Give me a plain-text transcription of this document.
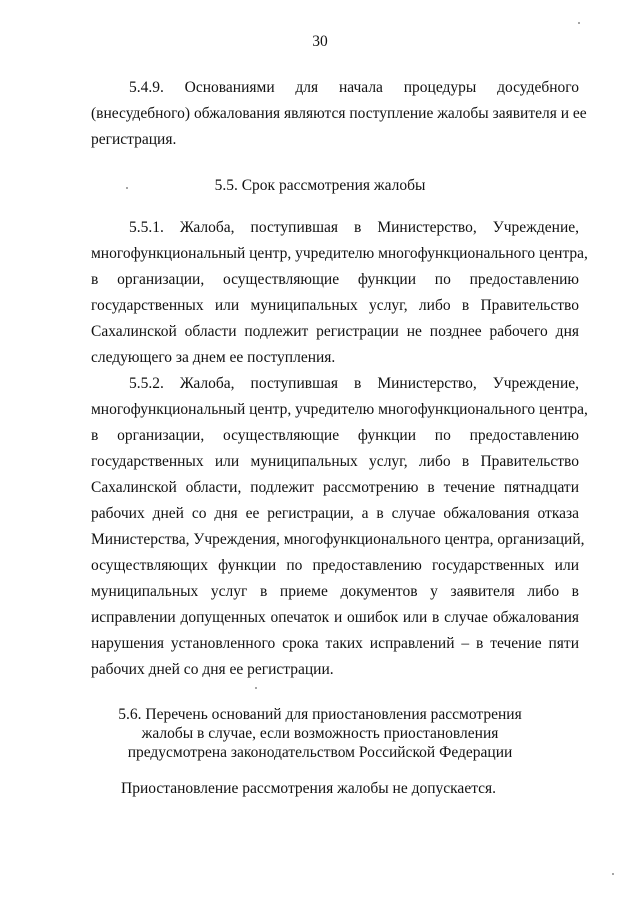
30
5.4.9. Основаниями для начала процедуры досудебного
(внесудебного) обжалования являются поступление жалобы заявителя и ее
регистрация.
5.5. Срок рассмотрения жалобы
5.5.1. Жалоба, поступившая в Министерство, Учреждение,
многофункциональный центр, учредителю многофункционального центра,
в организации, осуществляющие функции по предоставлению
государственных или муниципальных услуг, либо в Правительство
Сахалинской области подлежит регистрации не позднее рабочего дня
следующего за днем ее поступления.
5.5.2. Жалоба, поступившая в Министерство, Учреждение,
многофункциональный центр, учредителю многофункционального центра,
в организации, осуществляющие функции по предоставлению
государственных или муниципальных услуг, либо в Правительство
Сахалинской области, подлежит рассмотрению в течение пятнадцати
рабочих дней со дня ее регистрации, а в случае обжалования отказа
Министерства, Учреждения, многофункционального центра, организаций,
осуществляющих функции по предоставлению государственных или
муниципальных услуг в приеме документов у заявителя либо в
исправлении допущенных опечаток и ошибок или в случае обжалования
нарушения установленного срока таких исправлений – в течение пяти
рабочих дней со дня ее регистрации.
5.6. Перечень оснований для приостановления рассмотрения
жалобы в случае, если возможность приостановления
предусмотрена законодательством Российской Федерации
Приостановление рассмотрения жалобы не допускается.
